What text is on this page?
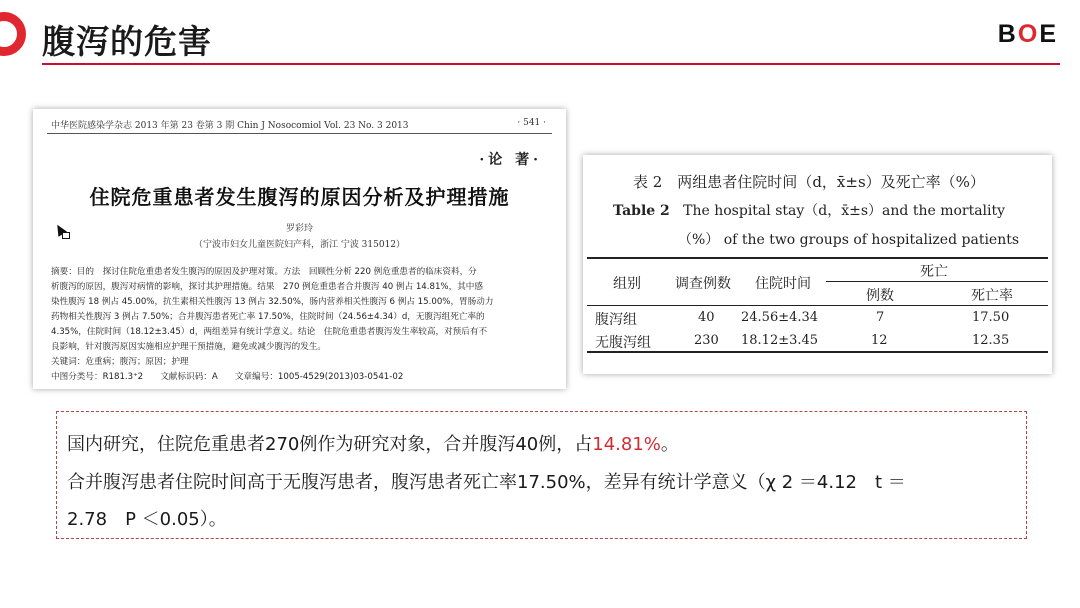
腹泻的危害	BOE
中华医院感染学杂志 2013 年第 23 卷第 3 期 Chin J Nosocomiol Vol. 23 No. 3 2013	· 541 ·
·论 著·
住院危重患者发生腹泻的原因分析及护理措施
罗彩玲
（宁波市妇女儿童医院妇产科，浙江 宁波 315012）
摘要：目的　探讨住院危重患者发生腹泻的原因及护理对策。方法　回顾性分析 220 例危重患者的临床资料，分
析腹泻的原因，腹泻对病情的影响，探讨其护理措施。结果　270 例危重患者合并腹泻 40 例占 14.81%，其中感
染性腹泻 18 例占 45.00%，抗生素相关性腹泻 13 例占 32.50%，肠内营养相关性腹泻 6 例占 15.00%，胃肠动力
药物相关性腹泻 3 例占 7.50%；合并腹泻患者死亡率 17.50%，住院时间（24.56±4.34）d，无腹泻组死亡率的
4.35%，住院时间（18.12±3.45）d，两组差异有统计学意义。结论　住院危重患者腹泻发生率较高，对预后有不
良影响，针对腹泻原因实施相应护理干预措施，避免或减少腹泻的发生。
关键词：危重病；腹泻；原因；护理
中图分类号：R181.3⁺2　　文献标识码：A　　文章编号：1005-4529(2013)03-0541-02
表 2　两组患者住院时间（d，x̄±s）及死亡率（%）
Table 2 The hospital stay（d，x̄±s）and the mortality
（%） of the two groups of hospitalized patients
组别 调查例数 住院时间
死亡
例数	死亡率
腹泻组	40 24.56±4.34	7	17.50
无腹泻组	230 18.12±3.45	12	12.35

国内研究，住院危重患者270例作为研究对象，合并腹泻40例，占14.81%。

合并腹泻患者住院时间高于无腹泻患者，腹泻患者死亡率17.50%，差异有统计学意义（χ 2 ＝4.12　t ＝

2.78　P ＜0.05）。
